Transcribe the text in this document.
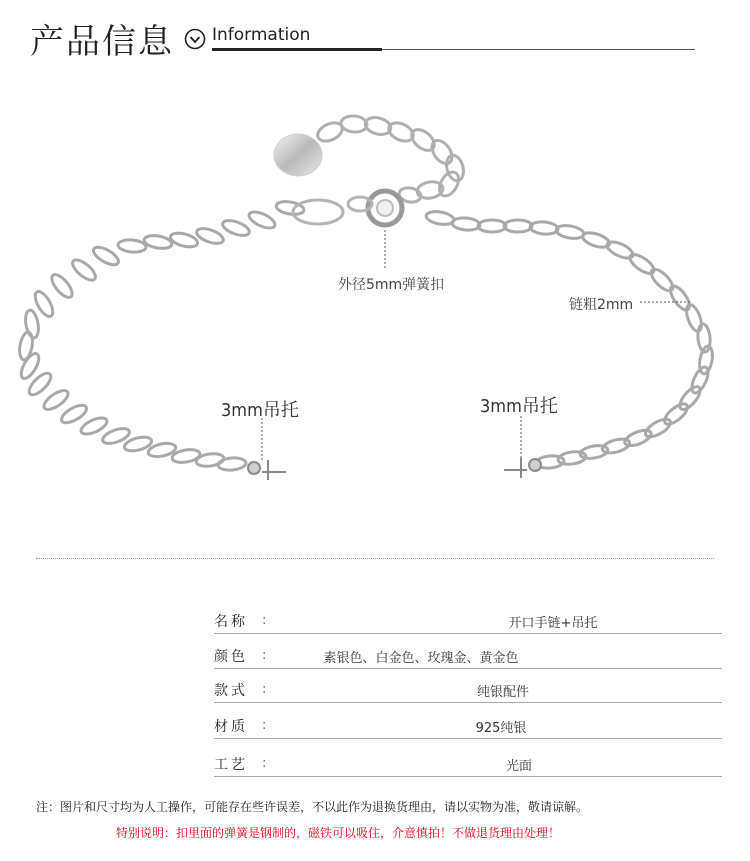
产品信息 Information
外径5mm弹簧扣
链粗2mm
3mm吊托	3mm吊托
名称 :	开口手链+吊托
颜色 :	素银色、白金色、玫瑰金、黄金色
款式 :	纯银配件
材质 :	925纯银
工艺 :	光面
注：图片和尺寸均为人工操作，可能存在些许误差，不以此作为退换货理由，请以实物为准，敬请谅解。
特别说明：扣里面的弹簧是钢制的，磁铁可以吸住，介意慎拍！不做退货理由处理！
